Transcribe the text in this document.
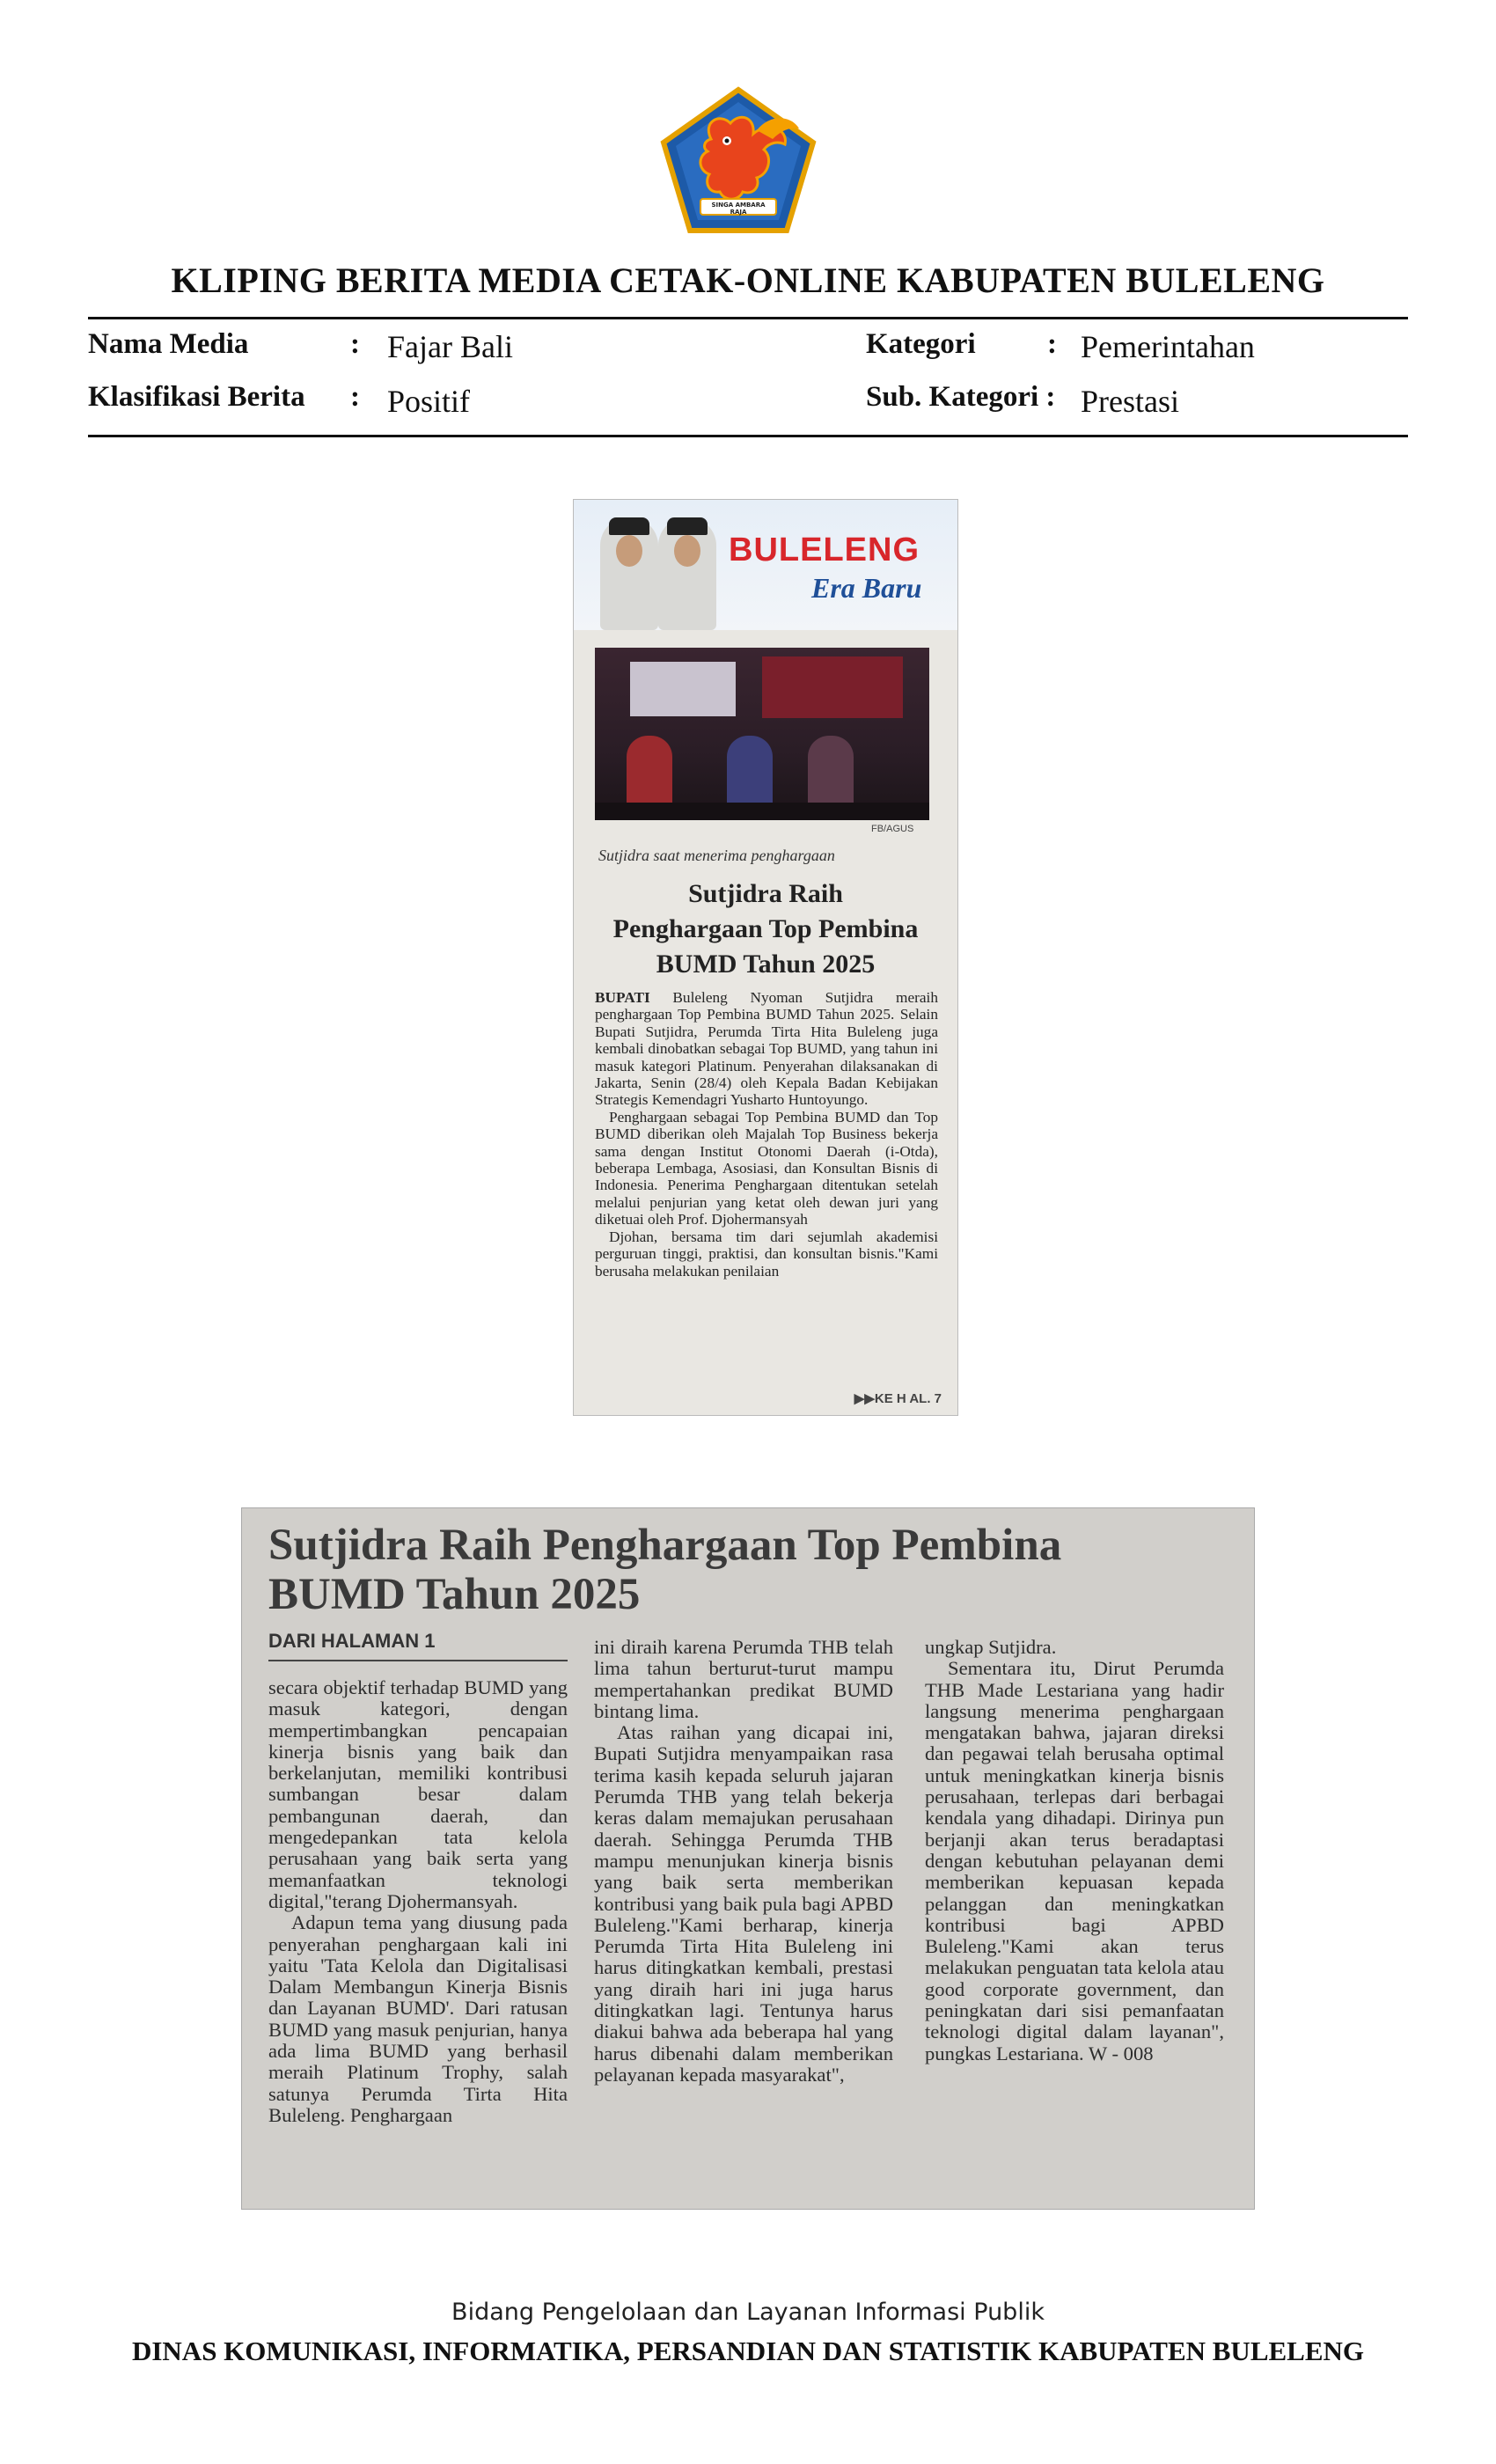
SINGA AMBARA RAJA
KLIPING BERITA MEDIA CETAK-ONLINE KABUPATEN BULELENG
Nama Media	: Fajar Bali	Kategori : Pemerintahan
Klasifikasi Berita : Positif	Sub. Kategori : Prestasi
BULELENG
Era Baru
FB/AGUS
Sutjidra saat menerima penghargaan
Sutjidra Raih
Penghargaan Top Pembina
BUMD Tahun 2025

BUPATI Buleleng Nyoman Sutjidra meraih penghargaan Top Pembina BUMD Tahun 2025. Selain Bupati Sutjidra, Perumda Tirta Hita Buleleng juga kembali dinobatkan sebagai Top BUMD, yang tahun ini masuk kategori Platinum. Penyerahan dilaksanakan di Jakarta, Senin (28/4) oleh Kepala Badan Kebijakan Strategis Kemendagri Yusharto Huntoyungo.

Penghargaan sebagai Top Pembina BUMD dan Top BUMD diberikan oleh Majalah Top Business bekerja sama dengan Institut Otonomi Daerah (i-Otda), beberapa Lembaga, Asosiasi, dan Konsultan Bisnis di Indonesia. Penerima Penghargaan ditentukan setelah melalui penjurian yang ketat oleh dewan juri yang diketuai oleh Prof. Djohermansyah

Djohan, bersama tim dari sejumlah akademisi perguruan tinggi, praktisi, dan konsultan bisnis."Kami berusaha melakukan penilaian

▶▶KE H AL. 7
Sutjidra Raih Penghargaan Top Pembina
BUMD Tahun 2025
DARI HALAMAN 1

secara objektif terhadap BUMD yang masuk kategori, dengan mempertimbangkan pencapaian kinerja bisnis yang baik dan berkelanjutan, memiliki kontribusi sumbangan besar dalam pembangunan daerah, dan mengedepankan tata kelola perusahaan yang baik serta yang memanfaatkan teknologi digital,"terang Djohermansyah.

Adapun tema yang diusung pada penyerahan penghargaan kali ini yaitu 'Tata Kelola dan Digitalisasi Dalam Membangun Kinerja Bisnis dan Layanan BUMD'. Dari ratusan BUMD yang masuk penjurian, hanya ada lima BUMD yang berhasil meraih Platinum Trophy, salah satunya Perumda Tirta Hita Buleleng. Penghargaan

ini diraih karena Perumda THB telah lima tahun berturut-turut mampu mempertahankan predikat BUMD bintang lima.

Atas raihan yang dicapai ini, Bupati Sutjidra menyampaikan rasa terima kasih kepada seluruh jajaran Perumda THB yang telah bekerja keras dalam memajukan perusahaan daerah. Sehingga Perumda THB mampu menunjukan kinerja bisnis yang baik serta memberikan kontribusi yang baik pula bagi APBD Buleleng."Kami berharap, kinerja Perumda Tirta Hita Buleleng ini harus ditingkatkan kembali, prestasi yang diraih hari ini juga harus ditingkatkan lagi. Tentunya harus diakui bahwa ada beberapa hal yang harus dibenahi dalam memberikan pelayanan kepada masyarakat",

ungkap Sutjidra.

Sementara itu, Dirut Perumda THB Made Lestariana yang hadir langsung menerima penghargaan mengatakan bahwa, jajaran direksi dan pegawai telah berusaha optimal untuk meningkatkan kinerja bisnis perusahaan, terlepas dari berbagai kendala yang dihadapi. Dirinya pun berjanji akan terus beradaptasi dengan kebutuhan pelayanan demi memberikan kepuasan kepada pelanggan dan meningkatkan kontribusi bagi APBD Buleleng."Kami akan terus melakukan penguatan tata kelola atau good corporate government, dan peningkatan dari sisi pemanfaatan teknologi digital dalam layanan", pungkas Lestariana. W - 008

Bidang Pengelolaan dan Layanan Informasi Publik
DINAS KOMUNIKASI, INFORMATIKA, PERSANDIAN DAN STATISTIK KABUPATEN BULELENG
